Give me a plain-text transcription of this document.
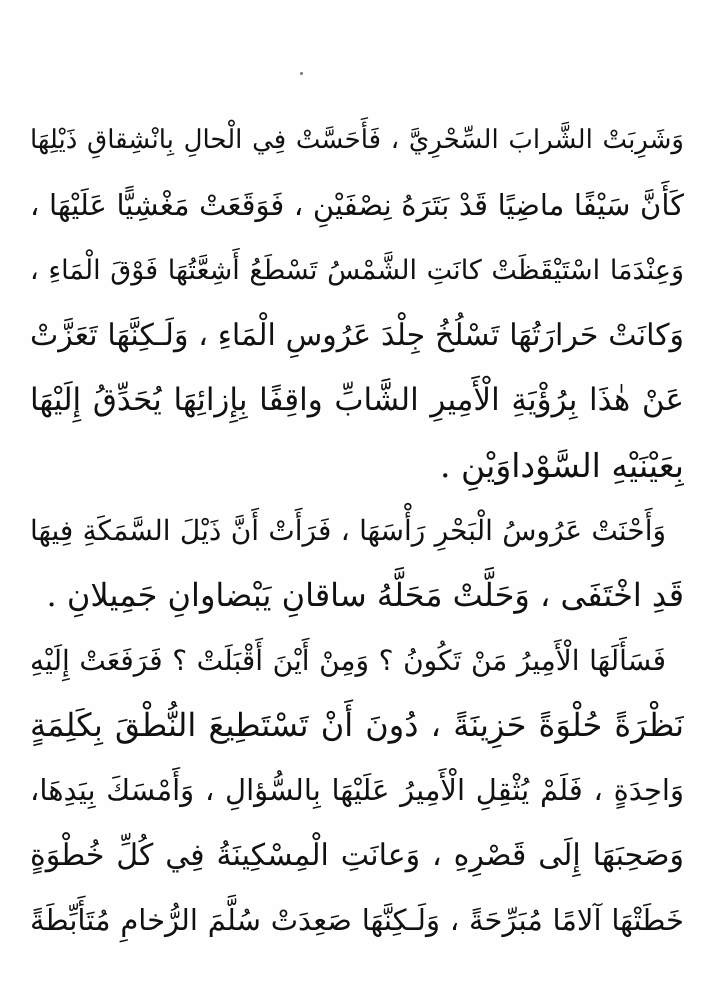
وَشَرِبَتْ الشَّرابَ السِّحْرِيَّ ، فَأَحَسَّتْ فِي الْحالِ بِانْشِقاقِ ذَيْلِهَا
كَأَنَّ سَيْفًا ماضِيًا قَدْ بَتَرَهُ نِصْفَيْنِ ، فَوَقَعَتْ مَغْشِيًّا عَلَيْهَا ،
وَعِنْدَمَا اسْتَيْقَظَتْ كانَتِ الشَّمْسُ تَسْطَعُ أَشِعَّتُهَا فَوْقَ الْمَاءِ ،
وَكانَتْ حَرارَتُهَا تَسْلُخُ جِلْدَ عَرُوسِ الْمَاءِ ، وَلَـكِنَّهَا تَعَزَّتْ
عَنْ هٰذَا بِرُؤْيَةِ الْأَمِيرِ الشَّابِّ واقِفًا بِإِزائِهَا يُحَدِّقُ إِلَيْهَا
بِعَيْنَيْهِ السَّوْداوَيْنِ .
وَأَحْنَتْ عَرُوسُ الْبَحْرِ رَأْسَهَا ، فَرَأَتْ أَنَّ ذَيْلَ السَّمَكَةِ فِيهَا
قَدِ اخْتَفَى ، وَحَلَّتْ مَحَلَّهُ ساقانِ يَبْضاوانِ جَمِيلانِ .
فَسَأَلَهَا الْأَمِيرُ مَنْ تَكُونُ ؟ وَمِنْ أَيْنَ أَقْبَلَتْ ؟ فَرَفَعَتْ إِلَيْهِ
نَظْرَةً حُلْوَةً حَزِينَةً ، دُونَ أَنْ تَسْتَطِيعَ النُّطْقَ بِكَلِمَةٍ
وَاحِدَةٍ ، فَلَمْ يُثْقِلِ الْأَمِيرُ عَلَيْهَا بِالسُّؤالِ ، وَأَمْسَكَ بِيَدِهَا،
وَصَحِبَهَا إِلَى قَصْرِهِ ، وَعانَتِ الْمِسْكِينَةُ فِي كُلِّ خُطْوَةٍ
خَطَتْهَا آلامًا مُبَرِّحَةً ، وَلَـكِنَّهَا صَعِدَتْ سُلَّمَ الرُّخامِ مُتَأَبِّطَةً
